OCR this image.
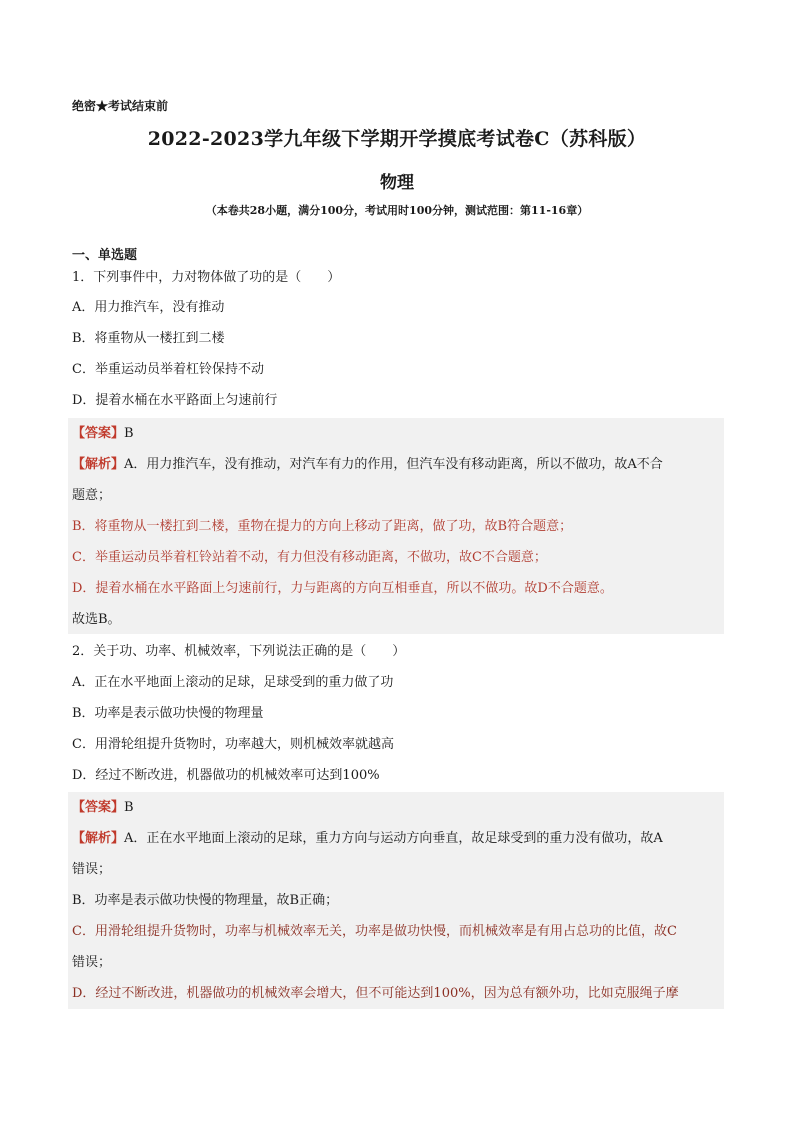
绝密★考试结束前
2022-2023学九年级下学期开学摸底考试卷C（苏科版）
物理
（本卷共28小题，满分100分，考试用时100分钟，测试范围：第11-16章）
一、单选题
1．下列事件中，力对物体做了功的是（　　）
A．用力推汽车，没有推动
B．将重物从一楼扛到二楼
C．举重运动员举着杠铃保持不动
D．提着水桶在水平路面上匀速前行
【答案】B
【解析】A．用力推汽车，没有推动，对汽车有力的作用，但汽车没有移动距离，所以不做功，故A不合
题意；
B．将重物从一楼扛到二楼，重物在提力的方向上移动了距离，做了功，故B符合题意；
C．举重运动员举着杠铃站着不动，有力但没有移动距离，不做功，故C不合题意；
D．提着水桶在水平路面上匀速前行，力与距离的方向互相垂直，所以不做功。故D不合题意。
故选B。
2．关于功、功率、机械效率，下列说法正确的是（　　）
A．正在水平地面上滚动的足球，足球受到的重力做了功
B．功率是表示做功快慢的物理量
C．用滑轮组提升货物时，功率越大，则机械效率就越高
D．经过不断改进，机器做功的机械效率可达到100%
【答案】B
【解析】A．正在水平地面上滚动的足球，重力方向与运动方向垂直，故足球受到的重力没有做功，故A
错误；
B．功率是表示做功快慢的物理量，故B正确；
C．用滑轮组提升货物时，功率与机械效率无关，功率是做功快慢，而机械效率是有用占总功的比值，故C
错误；
D．经过不断改进，机器做功的机械效率会增大，但不可能达到100%，因为总有额外功，比如克服绳子摩
